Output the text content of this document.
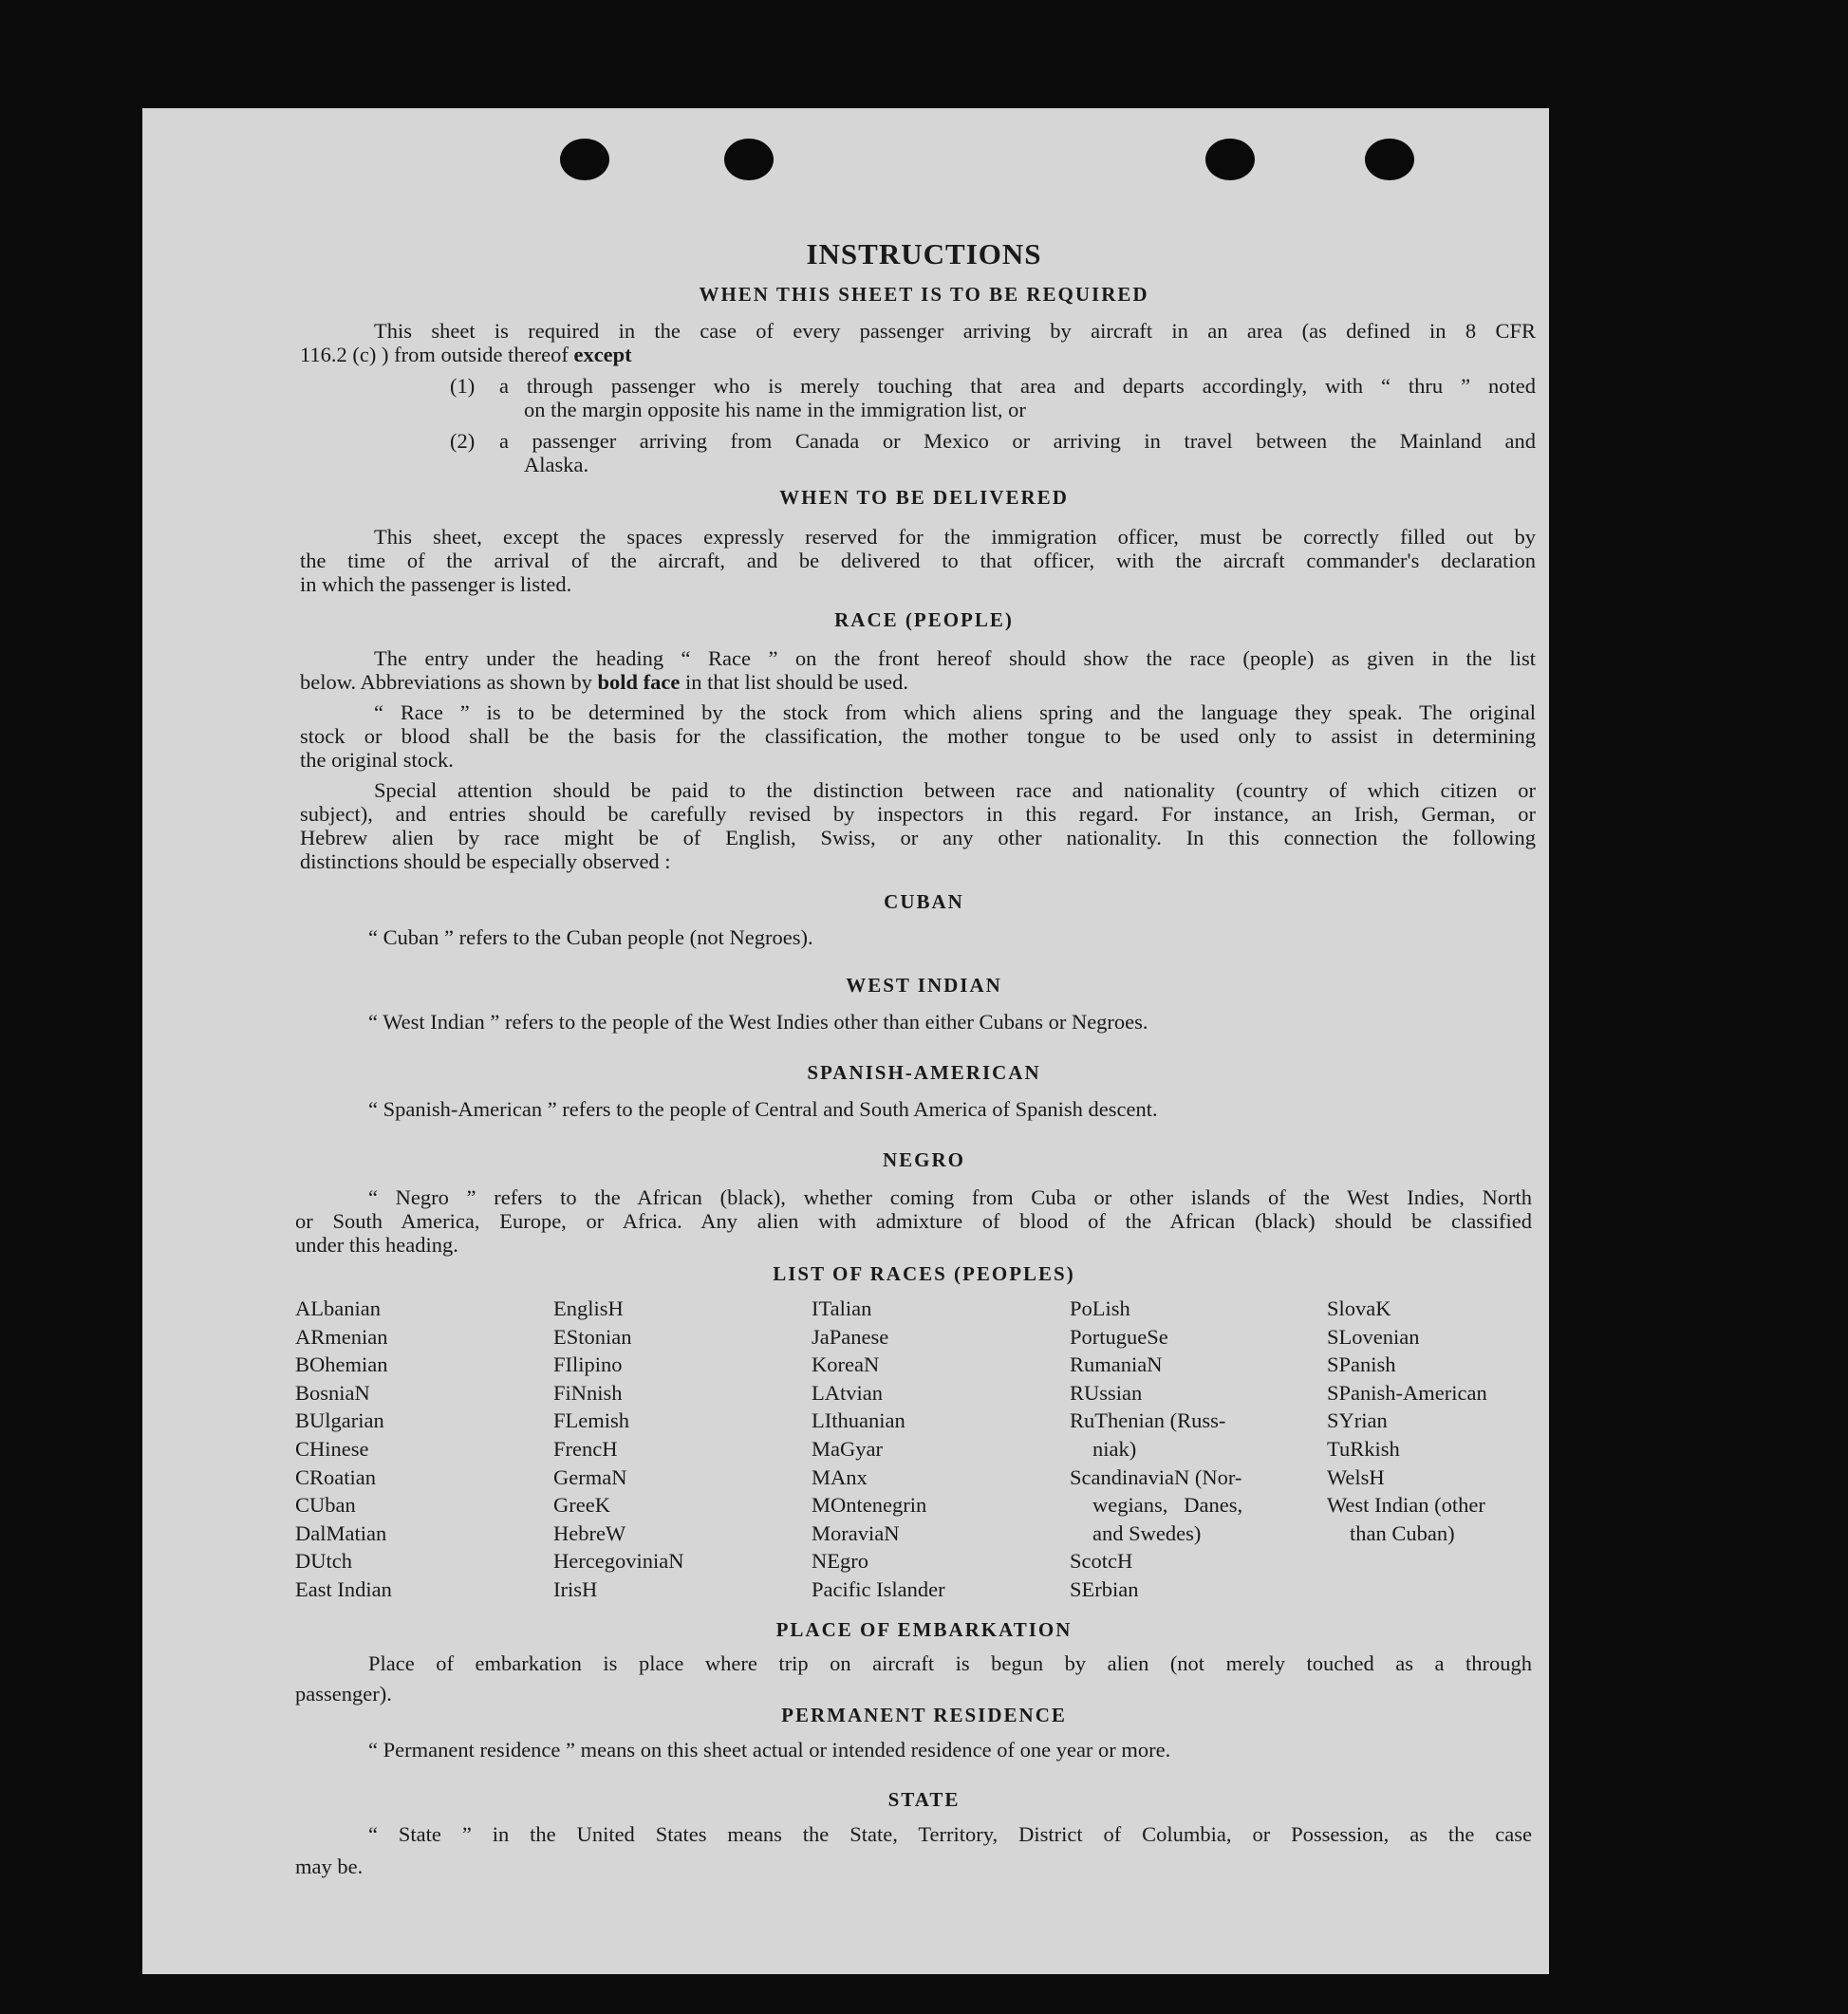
INSTRUCTIONS
WHEN THIS SHEET IS TO BE REQUIRED
This sheet is required in the case of every passenger arriving by aircraft in an area (as defined in 8 CFR
116.2 (c) ) from outside thereof except
(1) a through passenger who is merely touching that area and departs accordingly, with “ thru ” noted
on the margin opposite his name in the immigration list, or
(2) a passenger arriving from Canada or Mexico or arriving in travel between the Mainland and
Alaska.
WHEN TO BE DELIVERED
This sheet, except the spaces expressly reserved for the immigration officer, must be correctly filled out by
the time of the arrival of the aircraft, and be delivered to that officer, with the aircraft commander's declaration
in which the passenger is listed.
RACE (PEOPLE)
The entry under the heading “ Race ” on the front hereof should show the race (people) as given in the list
below. Abbreviations as shown by bold face in that list should be used.
“ Race ” is to be determined by the stock from which aliens spring and the language they speak. The original
stock or blood shall be the basis for the classification, the mother tongue to be used only to assist in determining
the original stock.
Special attention should be paid to the distinction between race and nationality (country of which citizen or
subject), and entries should be carefully revised by inspectors in this regard. For instance, an Irish, German, or
Hebrew alien by race might be of English, Swiss, or any other nationality. In this connection the following
distinctions should be especially observed :
CUBAN
“ Cuban ” refers to the Cuban people (not Negroes).
WEST INDIAN
“ West Indian ” refers to the people of the West Indies other than either Cubans or Negroes.
SPANISH-AMERICAN
“ Spanish-American ” refers to the people of Central and South America of Spanish descent.
NEGRO
“ Negro ” refers to the African (black), whether coming from Cuba or other islands of the West Indies, North
or South America, Europe, or Africa. Any alien with admixture of blood of the African (black) should be classified
under this heading.
LIST OF RACES (PEOPLES)
ALbanian
ARmenian
BOhemian
BosniaN
BUlgarian
CHinese
CRoatian
CUban
DalMatian
DUtch
East Indian
EnglisH
EStonian
FIlipino
FiNnish
FLemish
FrencH
GermaN
GreeK
HebreW
HercegoviniaN
IrisH
ITalian
JaPanese
KoreaN
LAtvian
LIthuanian
MaGyar
MAnx
MOntenegrin
MoraviaN
NEgro
Pacific Islander
PoLish
PortugueSe
RumaniaN
RUssian
RuThenian (Russ-
niak)
ScandinaviaN (Nor-
wegians,   Danes,
and Swedes)
ScotcH
SErbian
SlovaK
SLovenian
SPanish
SPanish-American
SYrian
TuRkish
WelsH
West Indian (other
than Cuban)
PLACE OF EMBARKATION
Place of embarkation is place where trip on aircraft is begun by alien (not merely touched as a through
passenger).
PERMANENT RESIDENCE
“ Permanent residence ” means on this sheet actual or intended residence of one year or more.
STATE
“ State ” in the United States means the State, Territory, District of Columbia, or Possession, as the case
may be.
